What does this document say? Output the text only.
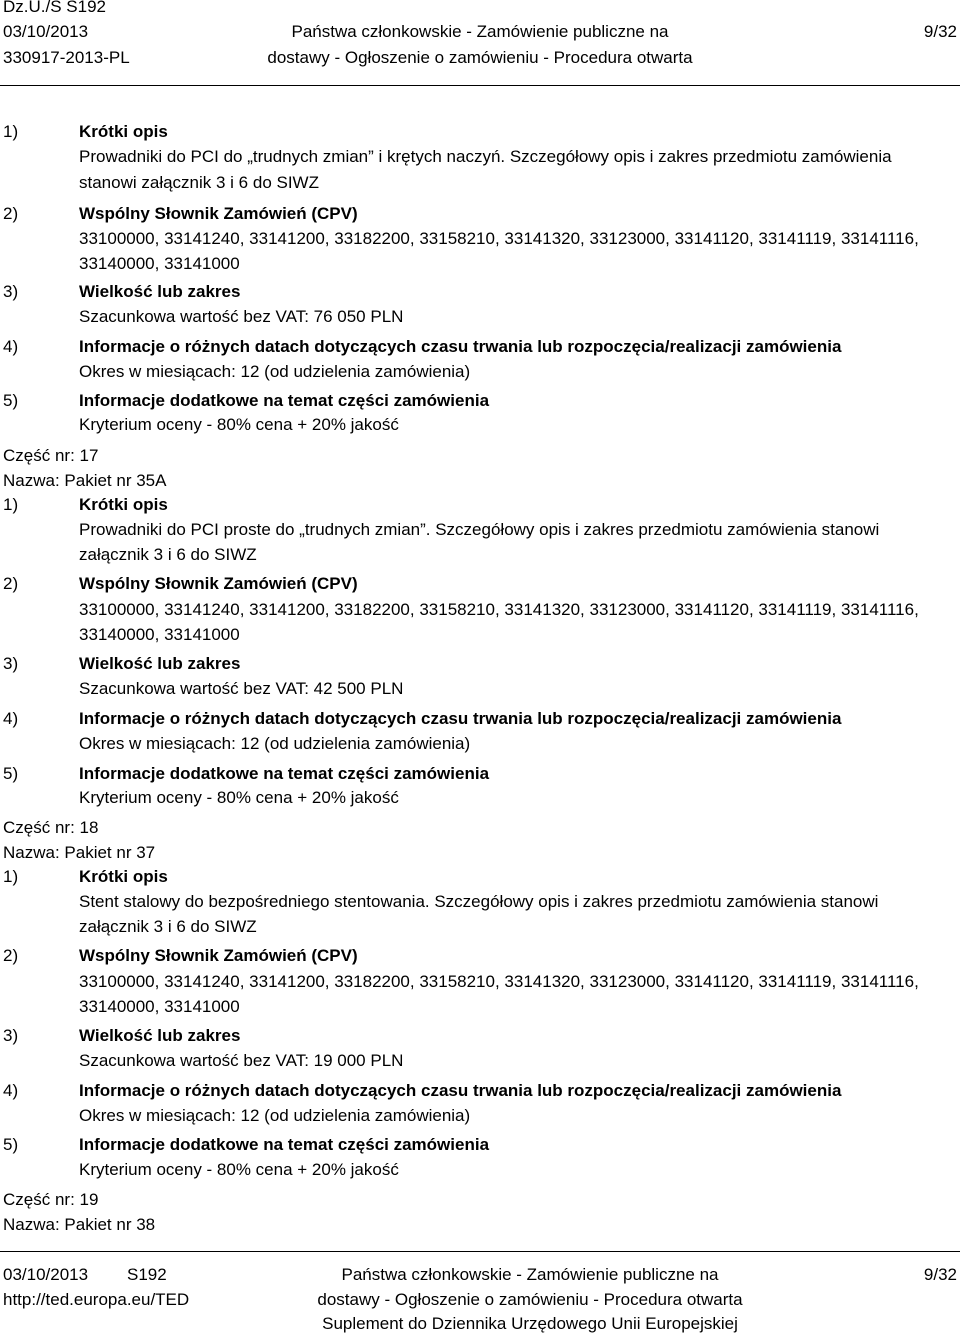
Dz.U./S S192
03/10/2013
330917-2013-PL
Państwa członkowskie - Zamówienie publiczne na
dostawy - Ogłoszenie o zamówieniu - Procedura otwarta
9/32
1)	Krótki opis
Prowadniki do PCI do „trudnych zmian” i krętych naczyń. Szczegółowy opis i zakres przedmiotu zamówienia
stanowi załącznik 3 i 6 do SIWZ
2)	Wspólny Słownik Zamówień (CPV)
33100000, 33141240, 33141200, 33182200, 33158210, 33141320, 33123000, 33141120, 33141119, 33141116,
33140000, 33141000
3)	Wielkość lub zakres
Szacunkowa wartość bez VAT: 76 050 PLN
4)	Informacje o różnych datach dotyczących czasu trwania lub rozpoczęcia/realizacji zamówienia
Okres w miesiącach: 12 (od udzielenia zamówienia)
5)	Informacje dodatkowe na temat części zamówienia
Kryterium oceny - 80% cena + 20% jakość
Część nr: 17
Nazwa: Pakiet nr 35A
1)	Krótki opis
Prowadniki do PCI proste do „trudnych zmian”. Szczegółowy opis i zakres przedmiotu zamówienia stanowi
załącznik 3 i 6 do SIWZ
2)	Wspólny Słownik Zamówień (CPV)
33100000, 33141240, 33141200, 33182200, 33158210, 33141320, 33123000, 33141120, 33141119, 33141116,
33140000, 33141000
3)	Wielkość lub zakres
Szacunkowa wartość bez VAT: 42 500 PLN
4)	Informacje o różnych datach dotyczących czasu trwania lub rozpoczęcia/realizacji zamówienia
Okres w miesiącach: 12 (od udzielenia zamówienia)
5)	Informacje dodatkowe na temat części zamówienia
Kryterium oceny - 80% cena + 20% jakość
Część nr: 18
Nazwa: Pakiet nr 37
1)	Krótki opis
Stent stalowy do bezpośredniego stentowania. Szczegółowy opis i zakres przedmiotu zamówienia stanowi
załącznik 3 i 6 do SIWZ
2)	Wspólny Słownik Zamówień (CPV)
33100000, 33141240, 33141200, 33182200, 33158210, 33141320, 33123000, 33141120, 33141119, 33141116,
33140000, 33141000
3)	Wielkość lub zakres
Szacunkowa wartość bez VAT: 19 000 PLN
4)	Informacje o różnych datach dotyczących czasu trwania lub rozpoczęcia/realizacji zamówienia
Okres w miesiącach: 12 (od udzielenia zamówienia)
5)	Informacje dodatkowe na temat części zamówienia
Kryterium oceny - 80% cena + 20% jakość
Część nr: 19
Nazwa: Pakiet nr 38
03/10/2013 S192
http://ted.europa.eu/TED
Państwa członkowskie - Zamówienie publiczne na
dostawy - Ogłoszenie o zamówieniu - Procedura otwarta
Suplement do Dziennika Urzędowego Unii Europejskiej
9/32
